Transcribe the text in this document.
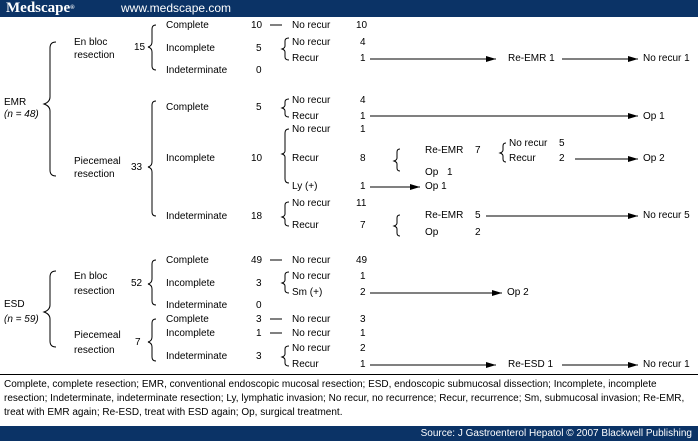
Medscape®	www.medscape.com
EMR
(n = 48)
En bloc
resection
15
Complete	10	No recur	10
Incomplete	5
No recur	4
Recur	1	Re-EMR 1	No recur 1
Indeterminate	0
Piecemeal
resection
33
Complete	5
No recur	4
Recur	1	Op 1
Incomplete	10
No recur	1
Recur	8
Re-EMR 7
Op 1
No recur 5
Recur 2	Op 2
Ly (+)	1	Op 1
Indeterminate 18
No recur	11
Recur	7
Re-EMR 5
Op	2
No recur 5
ESD
(n = 59)
En bloc
resection
52
Complete	49	No recur	49
Incomplete	3
No recur	1
Sm (+)	2	Op 2
Indeterminate	0
Piecemeal
resection
7
Complete	3	No recur	3
Incomplete	1	No recur	1
Indeterminate	3
No recur	2
Recur	1	Re-ESD 1	No recur 1
Complete, complete resection; EMR, conventional endoscopic mucosal resection; ESD, endoscopic submucosal dissection; Incomplete, incomplete resection; Indeterminate, indeterminate resection; Ly, lymphatic invasion; No recur, no recurrence; Recur, recurrence; Sm, submucosal invasion; Re-EMR, treat with EMR again; Re-ESD, treat with ESD again; Op, surgical treatment.
Source: J Gastroenterol Hepatol © 2007 Blackwell Publishing
